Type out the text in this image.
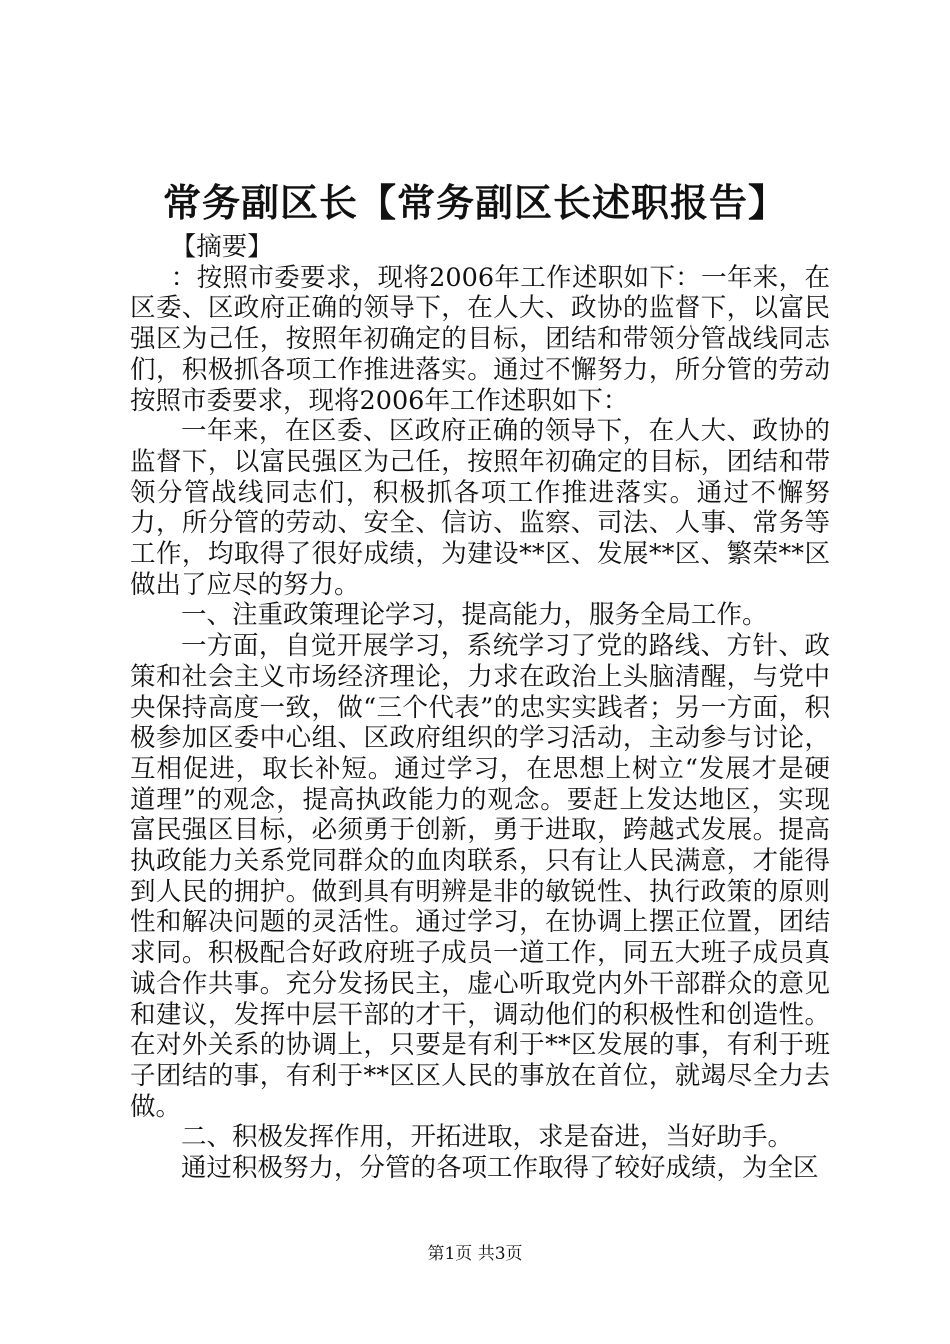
常务副区长【常务副区长述职报告】

【摘要】

：按照市委要求，现将2006年工作述职如下：一年来，在区委、区政府正确的领导下，在人大、政协的监督下，以富民强区为己任，按照年初确定的目标，团结和带领分管战线同志们，积极抓各项工作推进落实。通过不懈努力，所分管的劳动按照市委要求，现将2006年工作述职如下：

一年来，在区委、区政府正确的领导下，在人大、政协的监督下，以富民强区为己任，按照年初确定的目标，团结和带领分管战线同志们，积极抓各项工作推进落实。通过不懈努力，所分管的劳动、安全、信访、监察、司法、人事、常务等工作，均取得了很好成绩，为建设**区、发展**区、繁荣**区做出了应尽的努力。

一、注重政策理论学习，提高能力，服务全局工作。

一方面，自觉开展学习，系统学习了党的路线、方针、政策和社会主义市场经济理论，力求在政治上头脑清醒，与党中央保持高度一致，做“三个代表”的忠实实践者；另一方面，积极参加区委中心组、区政府组织的学习活动，主动参与讨论，互相促进，取长补短。通过学习，在思想上树立“发展才是硬道理”的观念，提高执政能力的观念。要赶上发达地区，实现富民强区目标，必须勇于创新，勇于进取，跨越式发展。提高执政能力关系党同群众的血肉联系，只有让人民满意，才能得到人民的拥护。做到具有明辨是非的敏锐性、执行政策的原则性和解决问题的灵活性。通过学习，在协调上摆正位置，团结求同。积极配合好政府班子成员一道工作，同五大班子成员真诚合作共事。充分发扬民主，虚心听取党内外干部群众的意见和建议，发挥中层干部的才干，调动他们的积极性和创造性。在对外关系的协调上，只要是有利于**区发展的事，有利于班子团结的事，有利于**区区人民的事放在首位，就竭尽全力去做。

二、积极发挥作用，开拓进取，求是奋进，当好助手。

通过积极努力，分管的各项工作取得了较好成绩，为全区

第1页 共3页
